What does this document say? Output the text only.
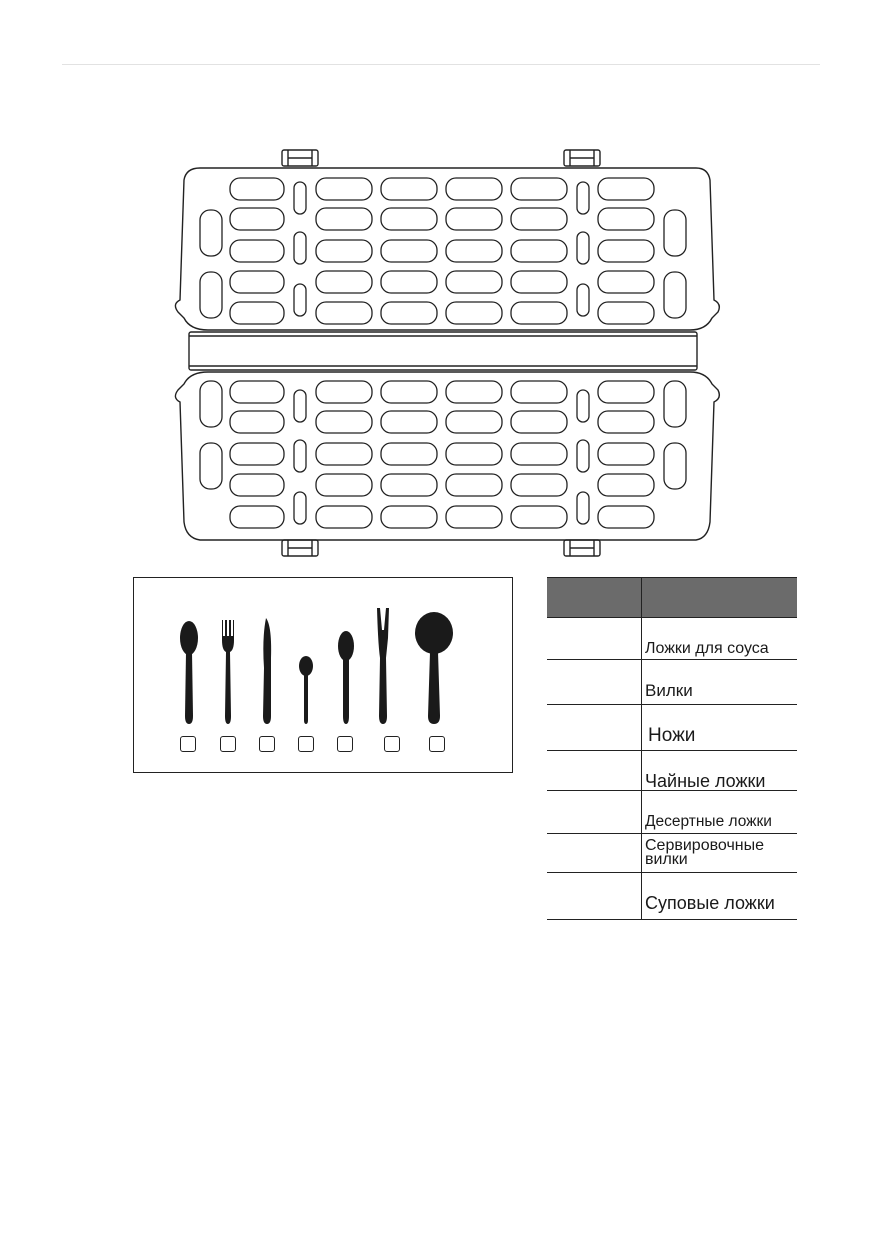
	Ложки для соуса
	Вилки
	Ножи
	Чайные ложки
	Десертные ложки
	Сервировочные вилки
	Суповые ложки
